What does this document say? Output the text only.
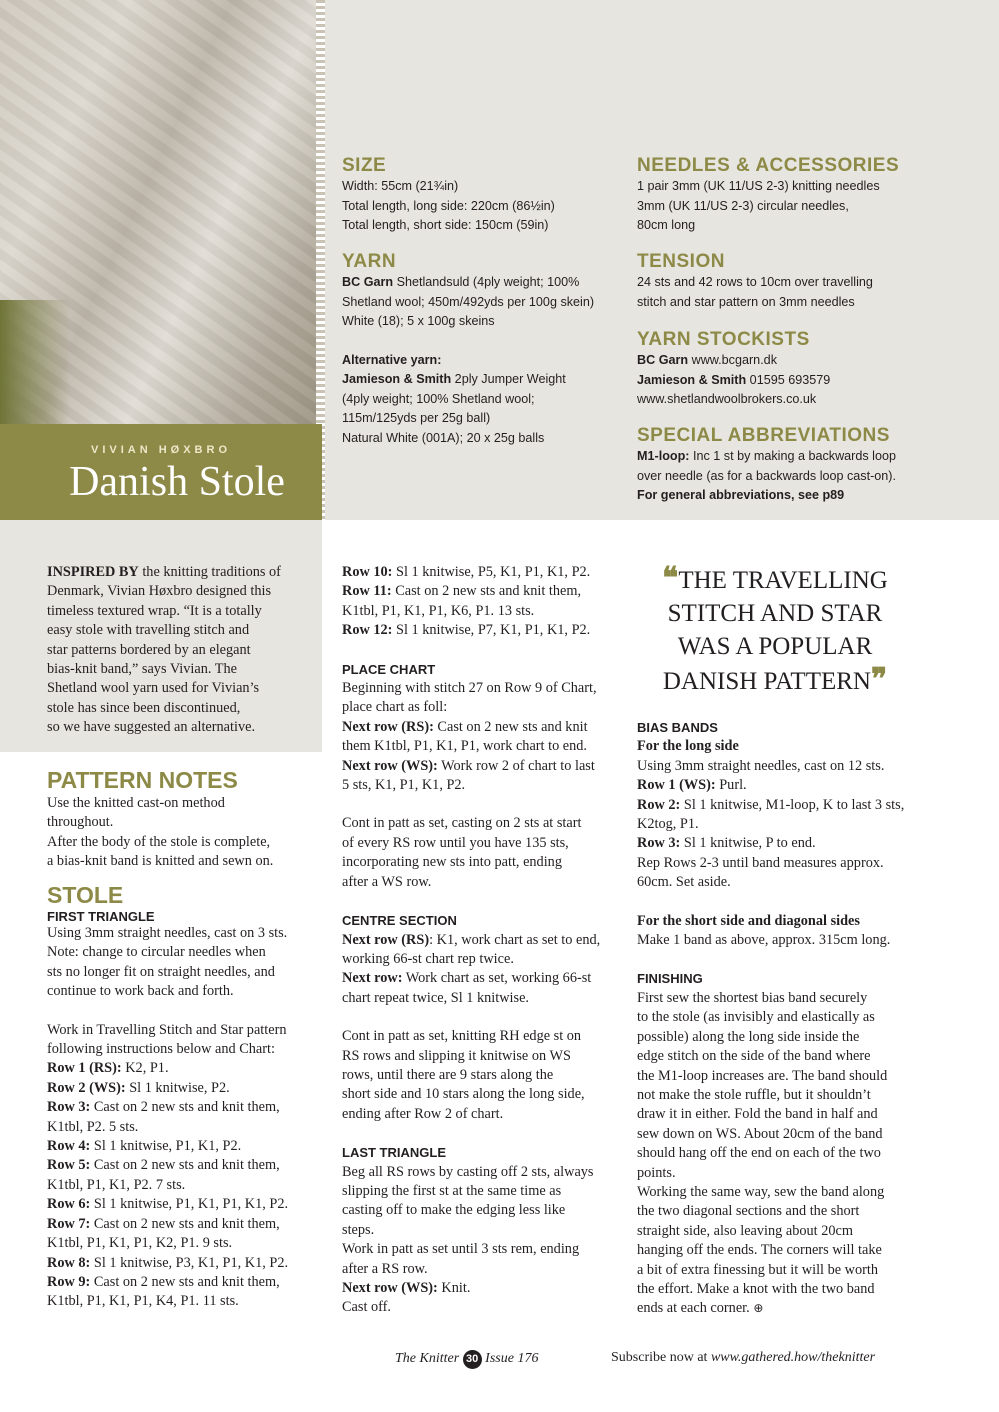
VIVIAN HØXBRO
Danish Stole
SIZE

Width: 55cm (21¾in)

Total length, long side: 220cm (86½in)

Total length, short side: 150cm (59in)

YARN

BC Garn Shetlandsuld (4ply weight; 100%

Shetland wool; 450m/492yds per 100g skein)

White (18); 5 x 100g skeins

Alternative yarn:

Jamieson & Smith 2ply Jumper Weight

(4ply weight; 100% Shetland wool;

115m/125yds per 25g ball)

Natural White (001A); 20 x 25g balls

NEEDLES & ACCESSORIES

1 pair 3mm (UK 11/US 2-3) knitting needles

3mm (UK 11/US 2-3) circular needles,

80cm long

TENSION

24 sts and 42 rows to 10cm over travelling

stitch and star pattern on 3mm needles

YARN STOCKISTS

BC Garn www.bcgarn.dk

Jamieson & Smith 01595 693579

www.shetlandwoolbrokers.co.uk

SPECIAL ABBREVIATIONS

M1-loop: Inc 1 st by making a backwards loop

over needle (as for a backwards loop cast-on).

For general abbreviations, see p89

INSPIRED BY the knitting traditions of

Denmark, Vivian Høxbro designed this

timeless textured wrap. “It is a totally

easy stole with travelling stitch and

star patterns bordered by an elegant

bias-knit band,” says Vivian. The

Shetland wool yarn used for Vivian’s

stole has since been discontinued,

so we have suggested an alternative.

PATTERN NOTES

Use the knitted cast-on method

throughout.

After the body of the stole is complete,

a bias-knit band is knitted and sewn on.

STOLE
FIRST TRIANGLE

Using 3mm straight needles, cast on 3 sts.

Note: change to circular needles when

sts no longer fit on straight needles, and

continue to work back and forth.

Work in Travelling Stitch and Star pattern

following instructions below and Chart:

Row 1 (RS): K2, P1.

Row 2 (WS): Sl 1 knitwise, P2.

Row 3: Cast on 2 new sts and knit them,

K1tbl, P2. 5 sts.

Row 4: Sl 1 knitwise, P1, K1, P2.

Row 5: Cast on 2 new sts and knit them,

K1tbl, P1, K1, P2. 7 sts.

Row 6: Sl 1 knitwise, P1, K1, P1, K1, P2.

Row 7: Cast on 2 new sts and knit them,

K1tbl, P1, K1, P1, K2, P1. 9 sts.

Row 8: Sl 1 knitwise, P3, K1, P1, K1, P2.

Row 9: Cast on 2 new sts and knit them,

K1tbl, P1, K1, P1, K4, P1. 11 sts.

Row 10: Sl 1 knitwise, P5, K1, P1, K1, P2.

Row 11: Cast on 2 new sts and knit them,

K1tbl, P1, K1, P1, K6, P1. 13 sts.

Row 12: Sl 1 knitwise, P7, K1, P1, K1, P2.

PLACE CHART

Beginning with stitch 27 on Row 9 of Chart,

place chart as foll:

Next row (RS): Cast on 2 new sts and knit

them K1tbl, P1, K1, P1, work chart to end.

Next row (WS): Work row 2 of chart to last

5 sts, K1, P1, K1, P2.

Cont in patt as set, casting on 2 sts at start

of every RS row until you have 135 sts,

incorporating new sts into patt, ending

after a WS row.

CENTRE SECTION

Next row (RS): K1, work chart as set to end,

working 66-st chart rep twice.

Next row: Work chart as set, working 66-st

chart repeat twice, Sl 1 knitwise.

Cont in patt as set, knitting RH edge st on

RS rows and slipping it knitwise on WS

rows, until there are 9 stars along the

short side and 10 stars along the long side,

ending after Row 2 of chart.

LAST TRIANGLE

Beg all RS rows by casting off 2 sts, always

slipping the first st at the same time as

casting off to make the edging less like

steps.

Work in patt as set until 3 sts rem, ending

after a RS row.

Next row (WS): Knit.

Cast off.

❝THE TRAVELLING

STITCH AND STAR

WAS A POPULAR

DANISH PATTERN❞

BIAS BANDS

For the long side

Using 3mm straight needles, cast on 12 sts.

Row 1 (WS): Purl.

Row 2: Sl 1 knitwise, M1-loop, K to last 3 sts,

K2tog, P1.

Row 3: Sl 1 knitwise, P to end.

Rep Rows 2-3 until band measures approx.

60cm. Set aside.

For the short side and diagonal sides

Make 1 band as above, approx. 315cm long.

FINISHING

First sew the shortest bias band securely

to the stole (as invisibly and elastically as

possible) along the long side inside the

edge stitch on the side of the band where

the M1-loop increases are. The band should

not make the stole ruffle, but it shouldn’t

draw it in either. Fold the band in half and

sew down on WS. About 20cm of the band

should hang off the end on each of the two

points.

Working the same way, sew the band along

the two diagonal sections and the short

straight side, also leaving about 20cm

hanging off the ends. The corners will take

a bit of extra finessing but it will be worth

the effort. Make a knot with the two band

ends at each corner. ⊕

The Knitter 30 Issue 176	Subscribe now at www.gathered.how/theknitter
